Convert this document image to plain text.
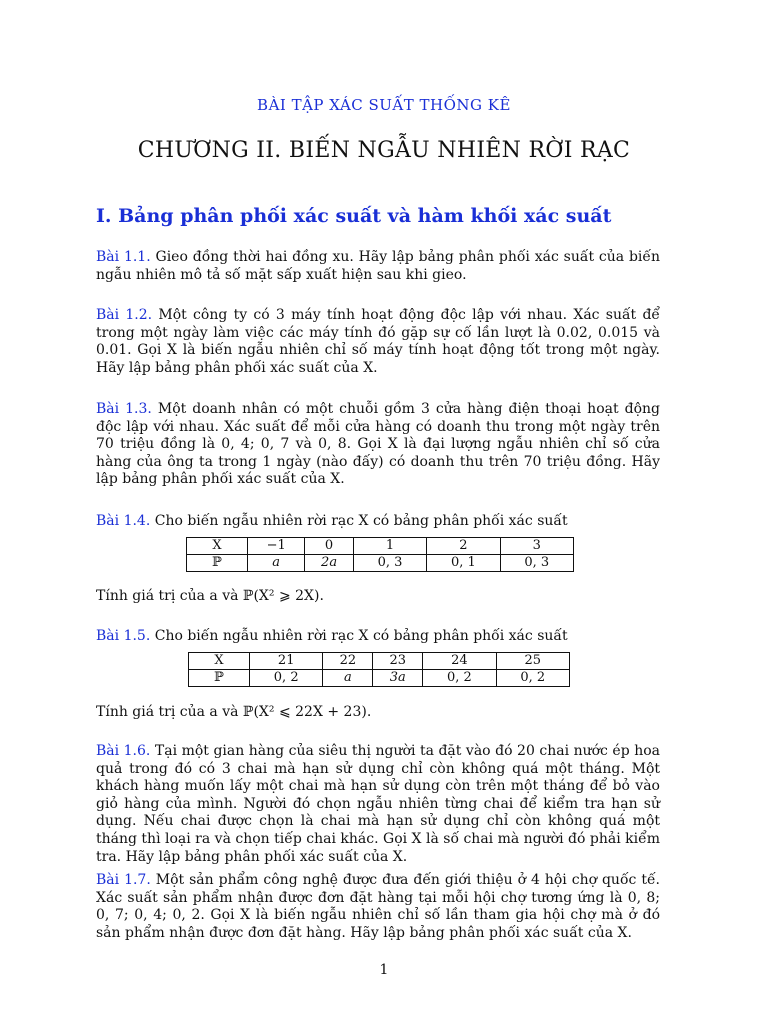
BÀI TẬP XÁC SUẤT THỐNG KÊ
CHƯƠNG II. BIẾN NGẪU NHIÊN RỜI RẠC
I. Bảng phân phối xác suất và hàm khối xác suất
Bài 1.1. Gieo đồng thời hai đồng xu. Hãy lập bảng phân phối xác suất của biến ngẫu nhiên mô tả số mặt sấp xuất hiện sau khi gieo.
Bài 1.2. Một công ty có 3 máy tính hoạt động độc lập với nhau. Xác suất để trong một ngày làm việc các máy tính đó gặp sự cố lần lượt là 0.02, 0.015 và 0.01. Gọi X là biến ngẫu nhiên chỉ số máy tính hoạt động tốt trong một ngày. Hãy lập bảng phân phối xác suất của X.
Bài 1.3. Một doanh nhân có một chuỗi gồm 3 cửa hàng điện thoại hoạt động độc lập với nhau. Xác suất để mỗi cửa hàng có doanh thu trong một ngày trên 70 triệu đồng là 0, 4; 0, 7 và 0, 8. Gọi X là đại lượng ngẫu nhiên chỉ số cửa hàng của ông ta trong 1 ngày (nào đấy) có doanh thu trên 70 triệu đồng. Hãy lập bảng phân phối xác suất của X.
Bài 1.4. Cho biến ngẫu nhiên rời rạc X có bảng phân phối xác suất
X	−1	0	1	2	3
ℙ	a	2a	0, 3	0, 1	0, 3
Tính giá trị của a và ℙ(X² ⩾ 2X).
Bài 1.5. Cho biến ngẫu nhiên rời rạc X có bảng phân phối xác suất
X	21	22	23	24	25
ℙ	0, 2	a	3a	0, 2	0, 2
Tính giá trị của a và ℙ(X² ⩽ 22X + 23).
Bài 1.6. Tại một gian hàng của siêu thị người ta đặt vào đó 20 chai nước ép hoa quả trong đó có 3 chai mà hạn sử dụng chỉ còn không quá một tháng. Một khách hàng muốn lấy một chai mà hạn sử dụng còn trên một tháng để bỏ vào giỏ hàng của mình. Người đó chọn ngẫu nhiên từng chai để kiểm tra hạn sử dụng. Nếu chai được chọn là chai mà hạn sử dụng chỉ còn không quá một tháng thì loại ra và chọn tiếp chai khác. Gọi X là số chai mà người đó phải kiểm tra. Hãy lập bảng phân phối xác suất của X.
Bài 1.7. Một sản phẩm công nghệ được đưa đến giới thiệu ở 4 hội chợ quốc tế. Xác suất sản phẩm nhận được đơn đặt hàng tại mỗi hội chợ tương ứng là 0, 8; 0, 7; 0, 4; 0, 2. Gọi X là biến ngẫu nhiên chỉ số lần tham gia hội chợ mà ở đó sản phẩm nhận được đơn đặt hàng. Hãy lập bảng phân phối xác suất của X.
1
